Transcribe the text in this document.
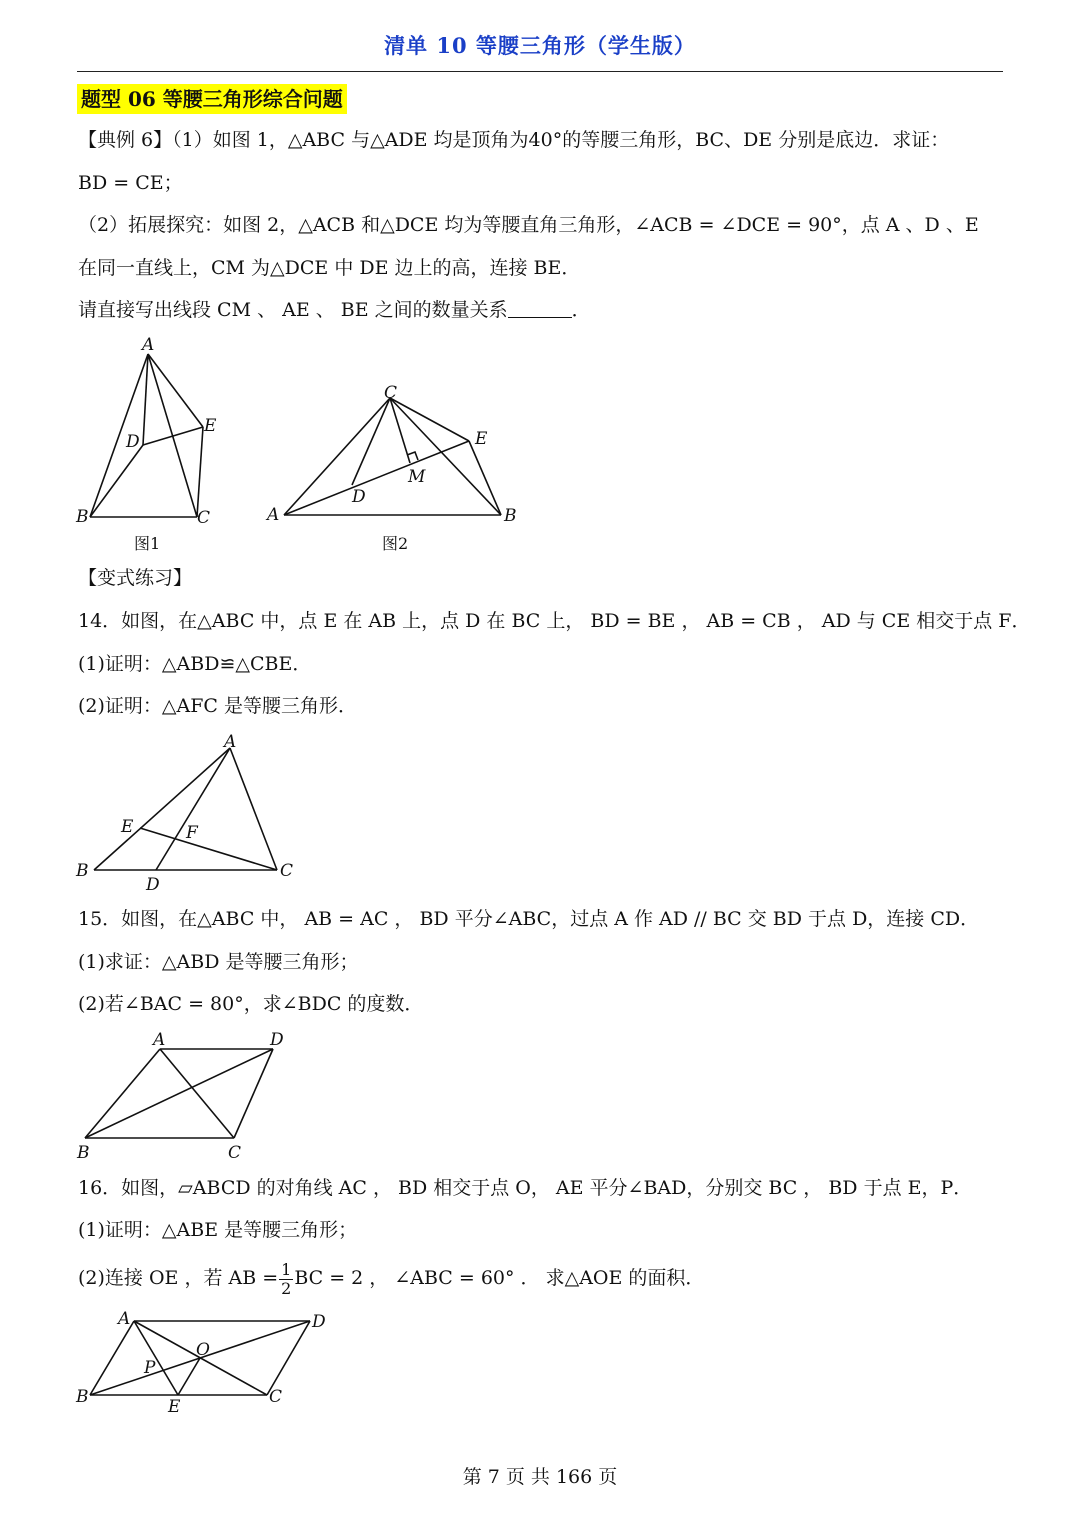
清单 10 等腰三角形（学生版）
题型 06 等腰三角形综合问题
【典例 6】（1）如图 1，△ABC 与△ADE 均是顶角为40°的等腰三角形，BC、DE 分别是底边．求证：
BD = CE；
（2）拓展探究：如图 2，△ACB 和△DCE 均为等腰直角三角形，∠ACB = ∠DCE = 90°，点 A 、D 、E
在同一直线上，CM 为△DCE 中 DE 边上的高，连接 BE．
请直接写出线段 CM 、 AE 、 BE 之间的数量关系	．
A
B	C
D
E
图1
C
A	B
D
E
M
图2
【变式练习】
14．如图，在△ABC 中，点 E 在 AB 上，点 D 在 BC 上， BD = BE ， AB = CB ， AD 与 CE 相交于点 F．
(1)证明：△ABD≌△CBE．
(2)证明：△AFC 是等腰三角形．
A
B	C
D
E	F
15．如图，在△ABC 中， AB = AC ， BD 平分∠ABC，过点 A 作 AD // BC 交 BD 于点 D，连接 CD．
(1)求证：△ABD 是等腰三角形；
(2)若∠BAC = 80°，求∠BDC 的度数．
A	D
B	C
16．如图，▱ABCD 的对角线 AC ， BD 相交于点 O， AE 平分∠BAD，分别交 BC ， BD 于点 E，P．
(1)证明：△ABE 是等腰三角形；
(2)连接 OE ，若 AB = $\frac{1}{2}$ BC = 2 ， ∠ABC = 60° ． 求△AOE 的面积．
A	D
B	C
E
O
P
第 7 页 共 166 页
